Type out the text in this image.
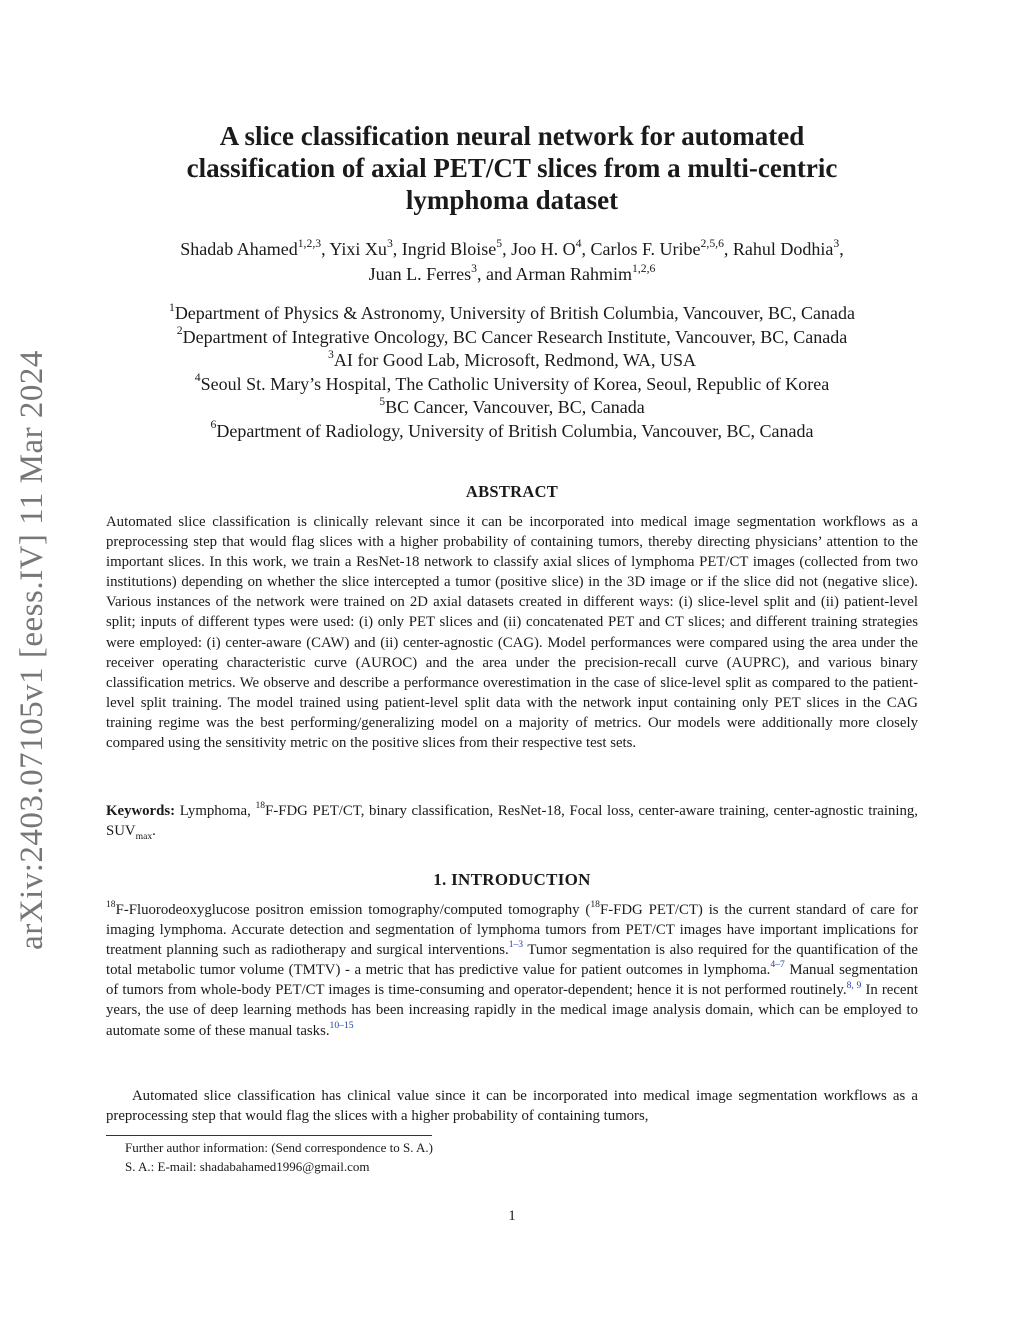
arXiv:2403.07105v1 [eess.IV] 11 Mar 2024
A slice classification neural network for automated
classification of axial PET/CT slices from a multi-centric
lymphoma dataset
Shadab Ahamed$^{1,2,3}$, Yixi Xu$^3$, Ingrid Bloise$^5$, Joo H. $O^4$, Carlos F. Uribe$^{2,5,6}$, Rahul Dodhia$^3$,
Juan L. Ferres$^3$, and Arman Rahmim$^{1,2,6}$
$^1$Department of Physics & Astronomy, University of British Columbia, Vancouver, BC, Canada
$^2$Department of Integrative Oncology, BC Cancer Research Institute, Vancouver, BC, Canada
$^3$AI for Good Lab, Microsoft, Redmond, WA, USA
$^4$Seoul St. Mary’s Hospital, The Catholic University of Korea, Seoul, Republic of Korea
$^5$BC Cancer, Vancouver, BC, Canada
$^6$Department of Radiology, University of British Columbia, Vancouver, BC, Canada
ABSTRACT
Automated slice classification is clinically relevant since it can be incorporated into medical image segmentation workflows as a preprocessing step that would flag slices with a higher probability of containing tumors, thereby directing physicians’ attention to the important slices. In this work, we train a ResNet-18 network to classify axial slices of lymphoma PET/CT images (collected from two institutions) depending on whether the slice intercepted a tumor (positive slice) in the 3D image or if the slice did not (negative slice). Various instances of the network were trained on 2D axial datasets created in different ways: (i) slice-level split and (ii) patient-level split; inputs of different types were used: (i) only PET slices and (ii) concatenated PET and CT slices; and different training strategies were employed: (i) center-aware (CAW) and (ii) center-agnostic (CAG). Model performances were compared using the area under the receiver operating characteristic curve (AUROC) and the area under the precision-recall curve (AUPRC), and various binary classification metrics. We observe and describe a performance overestimation in the case of slice-level split as compared to the patient-level split training. The model trained using patient-level split data with the network input containing only PET slices in the CAG training regime was the best performing/generalizing model on a majority of metrics. Our models were additionally more closely compared using the sensitivity metric on the positive slices from their respective test sets.
Keywords: Lymphoma, $^{18}$F-FDG PET/CT, binary classification, ResNet-18, Focal loss, center-aware training, center-agnostic training, $SUV_{max}$.
1. INTRODUCTION
$^{18}$F-Fluorodeoxyglucose positron emission tomography/computed tomography ($^{18}$F-FDG PET/CT) is the current standard of care for imaging lymphoma. Accurate detection and segmentation of lymphoma tumors from PET/CT images have important implications for treatment planning such as radiotherapy and surgical interventions.$^{1-3}$ Tumor segmentation is also required for the quantification of the total metabolic tumor volume (TMTV) - a metric that has predictive value for patient outcomes in lymphoma.$^{4-7}$ Manual segmentation of tumors from whole-body PET/CT images is time-consuming and operator-dependent; hence it is not performed routinely.$^{8, 9}$ In recent years, the use of deep learning methods has been increasing rapidly in the medical image analysis domain, which can be employed to automate some of these manual tasks.$^{10-15}$
Automated slice classification has clinical value since it can be incorporated into medical image segmentation workflows as a preprocessing step that would flag the slices with a higher probability of containing tumors,
Further author information: (Send correspondence to S. A.)
S. A.: E-mail: shadabahamed1996@gmail.com
1
